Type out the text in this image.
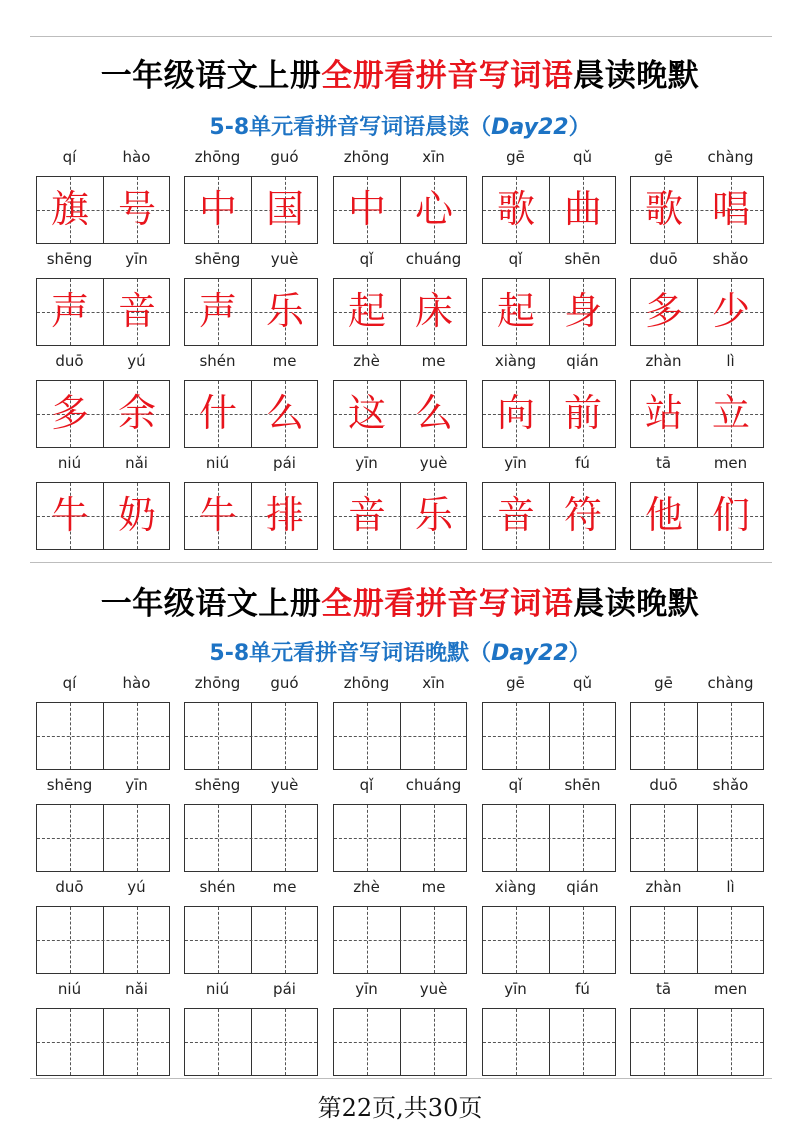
一年级语文上册全册看拼音写词语晨读晚默
5-8单元看拼音写词语晨读（Day22）
qí	hào
旗 号
zhōng	guó
中 国
zhōng	xīn
中 心
gē	qǔ
歌 曲
gē	chàng
歌 唱
shēng	yīn
声 音
shēng	yuè
声 乐
qǐ	chuáng
起 床
qǐ	shēn
起 身
duō	shǎo
多 少
duō	yú
多 余
shén	me
什 么
zhè	me
这 么
xiàng	qián
向 前
zhàn	lì
站 立
niú	nǎi
牛 奶
niú	pái
牛 排
yīn	yuè
音 乐
yīn	fú
音 符
tā	men
他 们
一年级语文上册全册看拼音写词语晨读晚默
5-8单元看拼音写词语晚默（Day22）
qí	hào	zhōng	guó	zhōng	xīn	gē	qǔ	gē	chàng
shēng	yīn	shēng	yuè	qǐ	chuáng	qǐ	shēn	duō	shǎo
duō	yú	shén	me	zhè	me	xiàng	qián	zhàn	lì
niú	nǎi	niú	pái	yīn	yuè	yīn	fú	tā	men
第22页,共30页
